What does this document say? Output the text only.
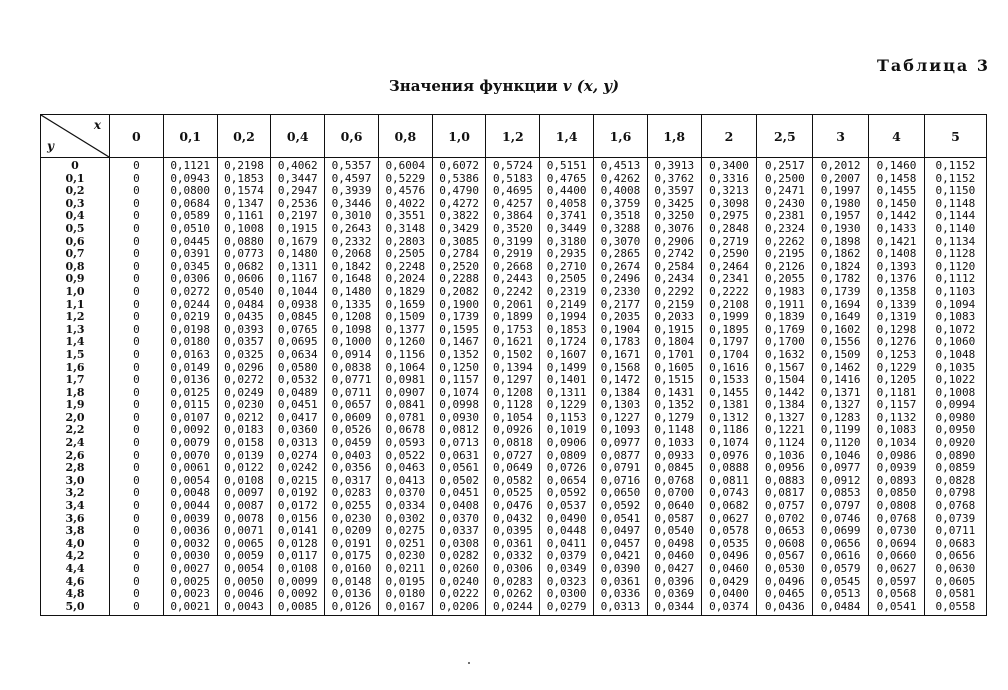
Таблица 3
Значения функции v (x, y)
x
y	0	0,1	0,2	0,4	0,6	0,8	1,0	1,2	1,4	1,6	1,8	2	2,5	3	4	5
0	0	0,1121	0,2198	0,4062	0,5357	0,6004	0,6072	0,5724	0,5151	0,4513	0,3913	0,3400	0,2517	0,2012	0,1460	0,1152
0,1	0	0,0943	0,1853	0,3447	0,4597	0,5229	0,5386	0,5183	0,4765	0,4262	0,3762	0,3316	0,2500	0,2007	0,1458	0,1152
0,2	0	0,0800	0,1574	0,2947	0,3939	0,4576	0,4790	0,4695	0,4400	0,4008	0,3597	0,3213	0,2471	0,1997	0,1455	0,1150
0,3	0	0,0684	0,1347	0,2536	0,3446	0,4022	0,4272	0,4257	0,4058	0,3759	0,3425	0,3098	0,2430	0,1980	0,1450	0,1148
0,4	0	0,0589	0,1161	0,2197	0,3010	0,3551	0,3822	0,3864	0,3741	0,3518	0,3250	0,2975	0,2381	0,1957	0,1442	0,1144
0,5	0	0,0510	0,1008	0,1915	0,2643	0,3148	0,3429	0,3520	0,3449	0,3288	0,3076	0,2848	0,2324	0,1930	0,1433	0,1140
0,6	0	0,0445	0,0880	0,1679	0,2332	0,2803	0,3085	0,3199	0,3180	0,3070	0,2906	0,2719	0,2262	0,1898	0,1421	0,1134
0,7	0	0,0391	0,0773	0,1480	0,2068	0,2505	0,2784	0,2919	0,2935	0,2865	0,2742	0,2590	0,2195	0,1862	0,1408	0,1128
0,8	0	0,0345	0,0682	0,1311	0,1842	0,2248	0,2520	0,2668	0,2710	0,2674	0,2584	0,2464	0,2126	0,1824	0,1393	0,1120
0,9	0	0,0306	0,0606	0,1167	0,1648	0,2024	0,2288	0,2443	0,2505	0,2496	0,2434	0,2341	0,2055	0,1782	0,1376	0,1112
1,0	0	0,0272	0,0540	0,1044	0,1480	0,1829	0,2082	0,2242	0,2319	0,2330	0,2292	0,2222	0,1983	0,1739	0,1358	0,1103
1,1	0	0,0244	0,0484	0,0938	0,1335	0,1659	0,1900	0,2061	0,2149	0,2177	0,2159	0,2108	0,1911	0,1694	0,1339	0,1094
1,2	0	0,0219	0,0435	0,0845	0,1208	0,1509	0,1739	0,1899	0,1994	0,2035	0,2033	0,1999	0,1839	0,1649	0,1319	0,1083
1,3	0	0,0198	0,0393	0,0765	0,1098	0,1377	0,1595	0,1753	0,1853	0,1904	0,1915	0,1895	0,1769	0,1602	0,1298	0,1072
1,4	0	0,0180	0,0357	0,0695	0,1000	0,1260	0,1467	0,1621	0,1724	0,1783	0,1804	0,1797	0,1700	0,1556	0,1276	0,1060
1,5	0	0,0163	0,0325	0,0634	0,0914	0,1156	0,1352	0,1502	0,1607	0,1671	0,1701	0,1704	0,1632	0,1509	0,1253	0,1048
1,6	0	0,0149	0,0296	0,0580	0,0838	0,1064	0,1250	0,1394	0,1499	0,1568	0,1605	0,1616	0,1567	0,1462	0,1229	0,1035
1,7	0	0,0136	0,0272	0,0532	0,0771	0,0981	0,1157	0,1297	0,1401	0,1472	0,1515	0,1533	0,1504	0,1416	0,1205	0,1022
1,8	0	0,0125	0,0249	0,0489	0,0711	0,0907	0,1074	0,1208	0,1311	0,1384	0,1431	0,1455	0,1442	0,1371	0,1181	0,1008
1,9	0	0,0115	0,0230	0,0451	0,0657	0,0841	0,0998	0,1128	0,1229	0,1303	0,1352	0,1381	0,1384	0,1327	0,1157	0,0994
2,0	0	0,0107	0,0212	0,0417	0,0609	0,0781	0,0930	0,1054	0,1153	0,1227	0,1279	0,1312	0,1327	0,1283	0,1132	0,0980
2,2	0	0,0092	0,0183	0,0360	0,0526	0,0678	0,0812	0,0926	0,1019	0,1093	0,1148	0,1186	0,1221	0,1199	0,1083	0,0950
2,4	0	0,0079	0,0158	0,0313	0,0459	0,0593	0,0713	0,0818	0,0906	0,0977	0,1033	0,1074	0,1124	0,1120	0,1034	0,0920
2,6	0	0,0070	0,0139	0,0274	0,0403	0,0522	0,0631	0,0727	0,0809	0,0877	0,0933	0,0976	0,1036	0,1046	0,0986	0,0890
2,8	0	0,0061	0,0122	0,0242	0,0356	0,0463	0,0561	0,0649	0,0726	0,0791	0,0845	0,0888	0,0956	0,0977	0,0939	0,0859
3,0	0	0,0054	0,0108	0,0215	0,0317	0,0413	0,0502	0,0582	0,0654	0,0716	0,0768	0,0811	0,0883	0,0912	0,0893	0,0828
3,2	0	0,0048	0,0097	0,0192	0,0283	0,0370	0,0451	0,0525	0,0592	0,0650	0,0700	0,0743	0,0817	0,0853	0,0850	0,0798
3,4	0	0,0044	0,0087	0,0172	0,0255	0,0334	0,0408	0,0476	0,0537	0,0592	0,0640	0,0682	0,0757	0,0797	0,0808	0,0768
3,6	0	0,0039	0,0078	0,0156	0,0230	0,0302	0,0370	0,0432	0,0490	0,0541	0,0587	0,0627	0,0702	0,0746	0,0768	0,0739
3,8	0	0,0036	0,0071	0,0141	0,0209	0,0275	0,0337	0,0395	0,0448	0,0497	0,0540	0,0578	0,0653	0,0699	0,0730	0,0711
4,0	0	0,0032	0,0065	0,0128	0,0191	0,0251	0,0308	0,0361	0,0411	0,0457	0,0498	0,0535	0,0608	0,0656	0,0694	0,0683
4,2	0	0,0030	0,0059	0,0117	0,0175	0,0230	0,0282	0,0332	0,0379	0,0421	0,0460	0,0496	0,0567	0,0616	0,0660	0,0656
4,4	0	0,0027	0,0054	0,0108	0,0160	0,0211	0,0260	0,0306	0,0349	0,0390	0,0427	0,0460	0,0530	0,0579	0,0627	0,0630
4,6	0	0,0025	0,0050	0,0099	0,0148	0,0195	0,0240	0,0283	0,0323	0,0361	0,0396	0,0429	0,0496	0,0545	0,0597	0,0605
4,8	0	0,0023	0,0046	0,0092	0,0136	0,0180	0,0222	0,0262	0,0300	0,0336	0,0369	0,0400	0,0465	0,0513	0,0568	0,0581
5,0	0	0,0021	0,0043	0,0085	0,0126	0,0167	0,0206	0,0244	0,0279	0,0313	0,0344	0,0374	0,0436	0,0484	0,0541	0,0558
